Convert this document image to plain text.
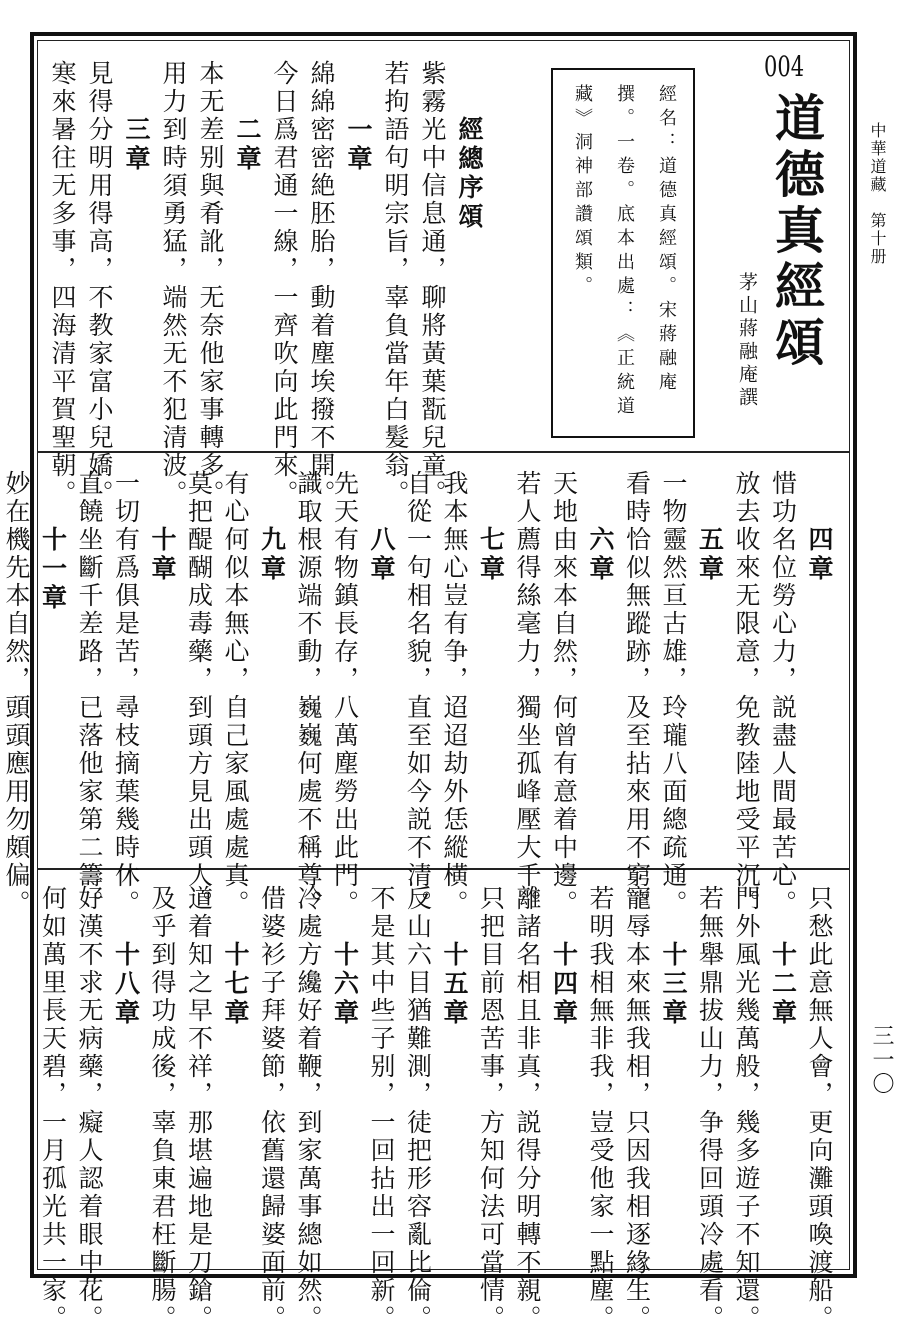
004
道德真經頌
茅山蔣融庵譔
經名：道德真經頌。宋蔣融庵
撰。一卷。底本出處：《正統道
藏》洞神部讚頌類。	中華道藏　第十册
三一〇
經總序頌
紫霧光中信息通，聊將黃葉翫兒童。
若拘語句明宗旨，辜負當年白髮翁。
一章
綿綿密密絶胚胎，動着塵埃撥不開。
今日爲君通一線，一齊吹向此門來。
二章
本无差别與肴訛，无奈他家事轉多。
用力到時須勇猛，端然无不犯清波。
三章
見得分明用得高，不教家富小兒嬌。
寒來暑往无多事，四海清平賀聖朝。
四章
惜功名位勞心力，説盡人間最苦心。
放去收來无限意，免教陸地受平沉。
五章
一物靈然亘古雄，玲瓏八面總疏通。
看時恰似無蹤跡，及至拈來用不窮。
六章
天地由來本自然，何曾有意着中邊。
若人薦得絲毫力，獨坐孤峰壓大千。
七章
我本無心豈有争，迢迢劫外恁縱横。
自從一句相名貌，直至如今説不清。
八章
先天有物鎮長存，八萬塵勞出此門。
識取根源端不動，巍巍何處不稱尊。
九章
有心何似本無心，自己家風處處真。
莫把醍醐成毒藥，到頭方見出頭人。
十章
一切有爲俱是苦，尋枝摘葉幾時休。
直饒坐斷千差路，已落他家第二籌。
十一章
妙在機先本自然，頭頭應用勿頗偏。
只愁此意無人會，更向灘頭喚渡船。
十二章
門外風光幾萬般，幾多遊子不知還。
若無舉鼎拔山力，争得回頭冷處看。
十三章
寵辱本來無我相，只因我相逐緣生。
若明我相無非我，豈受他家一點塵。
十四章
離諸名相且非真，説得分明轉不親。
只把目前恩苦事，方知何法可當情。
十五章
反山六目猶難測，徒把形容亂比倫。
不是其中些子别，一回拈出一回新。
十六章
冷處方纔好着鞭，到家萬事總如然。
借婆衫子拜婆節，依舊還歸婆面前。
十七章
道着知之早不祥，那堪遍地是刀鎗。
及乎到得功成後，辜負東君枉斷腸。
十八章
好漢不求无病藥，癡人認着眼中花。
何如萬里長天碧，一月孤光共一家。
